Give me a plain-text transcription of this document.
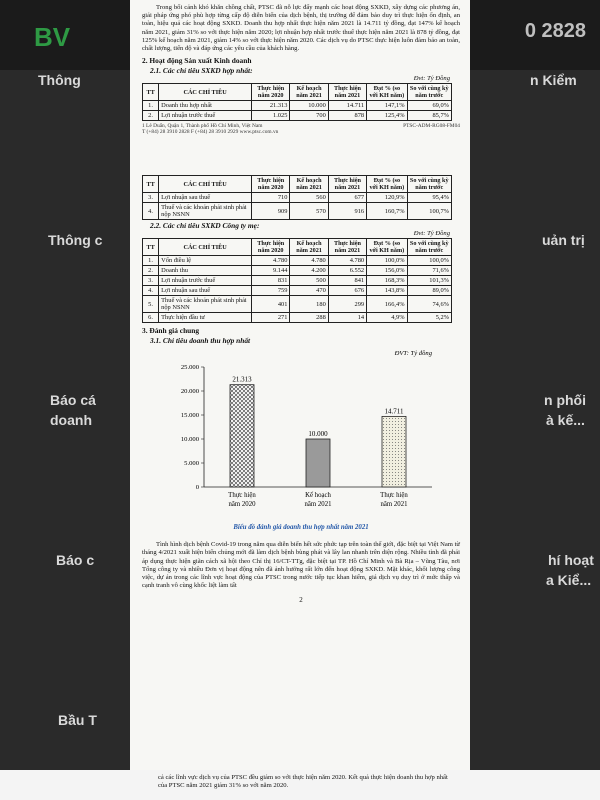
BV	0 2828
Thông
Thông c
Báo cá
doanh
Báo c
Bầu T
n Kiểm
uản trị
n phối
à kế...
hí hoạt
a Kiể...

Trong bối cảnh khó khăn chồng chất, PTSC đã nỗ lực đẩy mạnh các hoạt động SXKD, xây dựng các phương án, giải pháp ứng phó phù hợp từng cấp độ diễn biến của dịch bệnh, thị trường để đảm bảo duy trì thực hiện ổn định, an toàn, hiệu quả các hoạt động SXKD. Doanh thu hợp nhất thực hiện năm 2021 là 14.711 tỷ đồng, đạt 147% kế hoạch năm 2021, giảm 31% so với thực hiện năm 2020; lợi nhuận hợp nhất trước thuế thực hiện năm 2021 là 878 tỷ đồng, đạt 125% kế hoạch năm 2021, giảm 14% so với thực hiện năm 2020. Các dịch vụ do PTSC thực hiện luôn đảm bảo an toàn, chất lượng, tiến độ và đáp ứng các yêu cầu của khách hàng.

2. Hoạt động Sản xuất Kinh doanh
2.1. Các chỉ tiêu SXKD hợp nhất:
Đvt: Tỷ Đồng
TT	CÁC CHỈ TIÊU	Thực hiện năm 2020	Kế hoạch năm 2021	Thực hiện năm 2021	Đạt % (so với KH năm)	So với cùng kỳ năm trước
1.	Doanh thu hợp nhất	21.313	10.000	14.711	147,1%	69,0%
2.	Lợi nhuận trước thuế	1.025	700	878	125,4%	85,7%
1 Lê Duẩn, Quận 1, Thành phố Hồ Chí Minh, Việt Nam	PTSC-ADM-RG08-FM04
T (+84) 28 3910 2828 F (+84) 28 3910 2929 www.ptsc.com.vn
TT	CÁC CHỈ TIÊU	Thực hiện năm 2020	Kế hoạch năm 2021	Thực hiện năm 2021	Đạt % (so với KH năm)	So với cùng kỳ năm trước
3.	Lợi nhuận sau thuế	710	560	677	120,9%	95,4%
4.	Thuế và các khoản phải sinh phải nộp NSNN	909	570	916	160,7%	100,7%
2.2. Các chỉ tiêu SXKD Công ty mẹ:
Đvt: Tỷ Đồng
TT	CÁC CHỈ TIÊU	Thực hiện năm 2020	Kế hoạch năm 2021	Thực hiện năm 2021	Đạt % (so với KH năm)	So với cùng kỳ năm trước
1.	Vốn điều lệ	4.780	4.780	4.780	100,0%	100,0%
2.	Doanh thu	9.144	4.200	6.552	156,0%	71,6%
3.	Lợi nhuận trước thuế	831	500	841	168,3%	101,3%
4.	Lợi nhuận sau thuế	759	470	676	143,8%	89,0%
5.	Thuế và các khoản phát sinh phải nộp NSNN	401	180	299	166,4%	74,6%
6.	Thực hiện đầu tư	271	288	14	4,9%	5,2%
3. Đánh giá chung
3.1. Chỉ tiêu doanh thu hợp nhất
ĐVT: Tỷ đồng
0
5.000
10.000
15.000
20.000
25.000
21.313
Thực hiện
năm 2020
10.000
Kế hoạch
năm 2021
14.711
Thực hiện
năm 2021
Biểu đồ đánh giá doanh thu hợp nhất năm 2021

Tình hình dịch bệnh Covid-19 trong năm qua diễn biến hết sức phức tạp trên toàn thế giới, đặc biệt tại Việt Nam từ tháng 4/2021 xuất hiện biến chủng mới đã làm dịch bệnh bùng phát và lây lan nhanh trên diện rộng. Nhiều tỉnh đã phải áp dụng thực hiện giãn cách xã hội theo Chỉ thị 16/CT-TTg, đặc biệt tại TP. Hồ Chí Minh và Bà Rịa – Vũng Tàu, nơi Tổng công ty và nhiều Đơn vị hoạt động nên đã ảnh hưởng rất lớn đến hoạt động SXKD. Mặt khác, khối lượng công việc, dự án trong các lĩnh vực hoạt động của PTSC trong nước tiếp tục khan hiếm, giá dịch vụ duy trì ở mức thấp và cạnh tranh vô cùng khốc liệt làm tất

2
cả các lĩnh vực dịch vụ của PTSC đều giảm so với thực hiện năm 2020. Kết quả thực hiện doanh thu hợp nhất của PTSC năm 2021 giảm 31% so với năm 2020.
